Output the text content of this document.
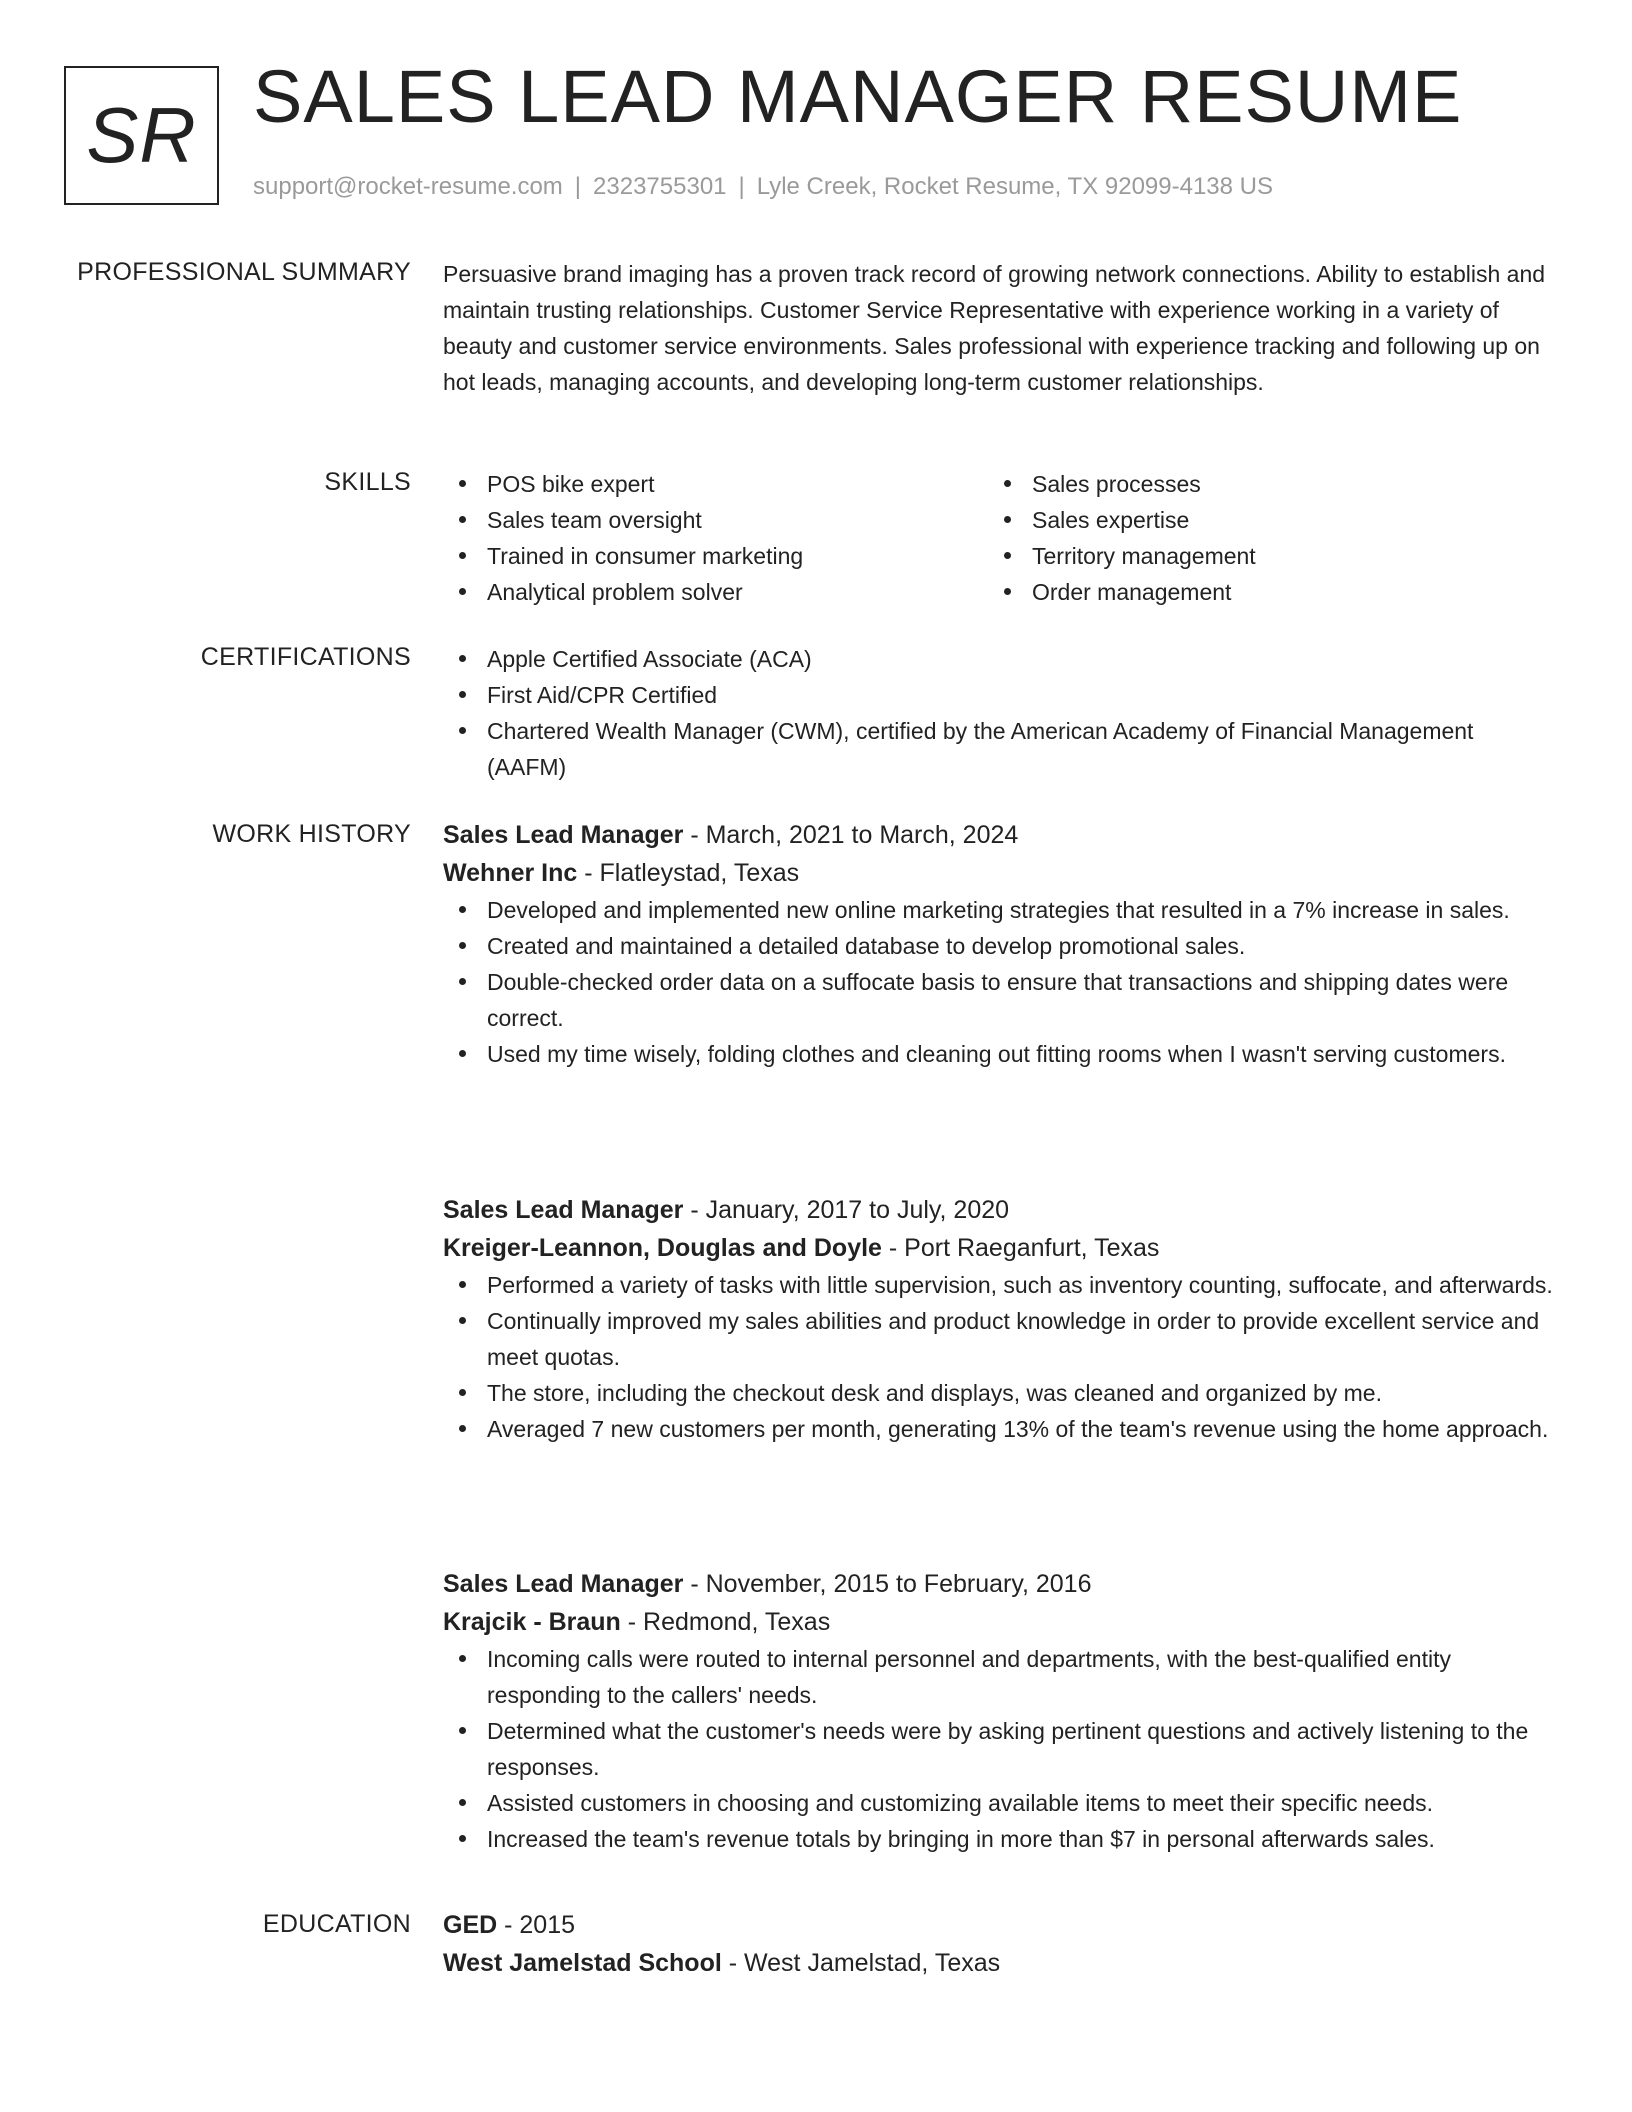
SR SALES LEAD MANAGER RESUME
support@rocket-resume.com | 2323755301 | Lyle Creek, Rocket Resume, TX 92099-4138 US
PROFESSIONAL SUMMARY Persuasive brand imaging has a proven track record of growing network connections. Ability to establish and maintain trusting relationships. Customer Service Representative with experience working in a variety of beauty and customer service environments. Sales professional with experience tracking and following up on hot leads, managing accounts, and developing long-term customer relationships.
SKILLS	POS bike expert
Sales team oversight
Trained in consumer marketing
Analytical problem solver
Sales processes
Sales expertise
Territory management
Order management
CERTIFICATIONS	Apple Certified Associate (ACA)
First Aid/CPR Certified
Chartered Wealth Manager (CWM), certified by the American Academy of Financial Management (AAFM)
WORK HISTORY Sales Lead Manager - March, 2021 to March, 2024
Wehner Inc - Flatleystad, Texas
Developed and implemented new online marketing strategies that resulted in a 7% increase in sales.
Created and maintained a detailed database to develop promotional sales.
Double-checked order data on a suffocate basis to ensure that transactions and shipping dates were correct.
Used my time wisely, folding clothes and cleaning out fitting rooms when I wasn't serving customers.
Sales Lead Manager - January, 2017 to July, 2020
Kreiger-Leannon, Douglas and Doyle - Port Raeganfurt, Texas
Performed a variety of tasks with little supervision, such as inventory counting, suffocate, and afterwards.
Continually improved my sales abilities and product knowledge in order to provide excellent service and meet quotas.
The store, including the checkout desk and displays, was cleaned and organized by me.
Averaged 7 new customers per month, generating 13% of the team's revenue using the home approach.
Sales Lead Manager - November, 2015 to February, 2016
Krajcik - Braun - Redmond, Texas
Incoming calls were routed to internal personnel and departments, with the best-qualified entity responding to the callers' needs.
Determined what the customer's needs were by asking pertinent questions and actively listening to the responses.
Assisted customers in choosing and customizing available items to meet their specific needs.
Increased the team's revenue totals by bringing in more than $7 in personal afterwards sales.
EDUCATION GED - 2015
West Jamelstad School - West Jamelstad, Texas
